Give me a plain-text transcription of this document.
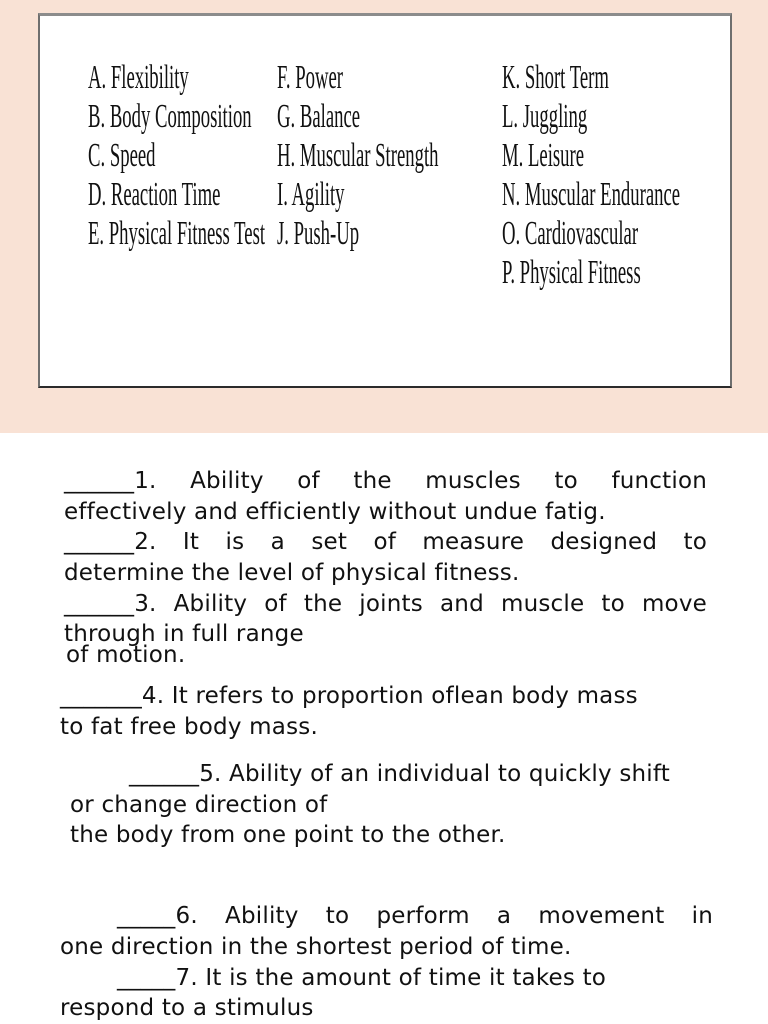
A. Flexibility
B. Body Composition
C. Speed
D. Reaction Time
E. Physical Fitness Test
F. Power
G. Balance
H. Muscular Strength
I. Agility
J. Push-Up
K. Short Term
L. Juggling
M. Leisure
N. Muscular Endurance
O. Cardiovascular
P. Physical Fitness
______1. Ability of the muscles to function
effectively and efficiently without undue fatig.
______2. It is a set of measure designed to
determine the level of physical fitness.
______3. Ability of the joints and muscle to move
through in full range
of motion.
_______4. It refers to proportion oflean body mass
to fat free body mass.
______5. Ability of an individual to quickly shift
or change direction of
the body from one point to the other.
_____6. Ability to perform a movement in
one direction in the shortest period of time.
_____7. It is the amount of time it takes to
respond to a stimulus
